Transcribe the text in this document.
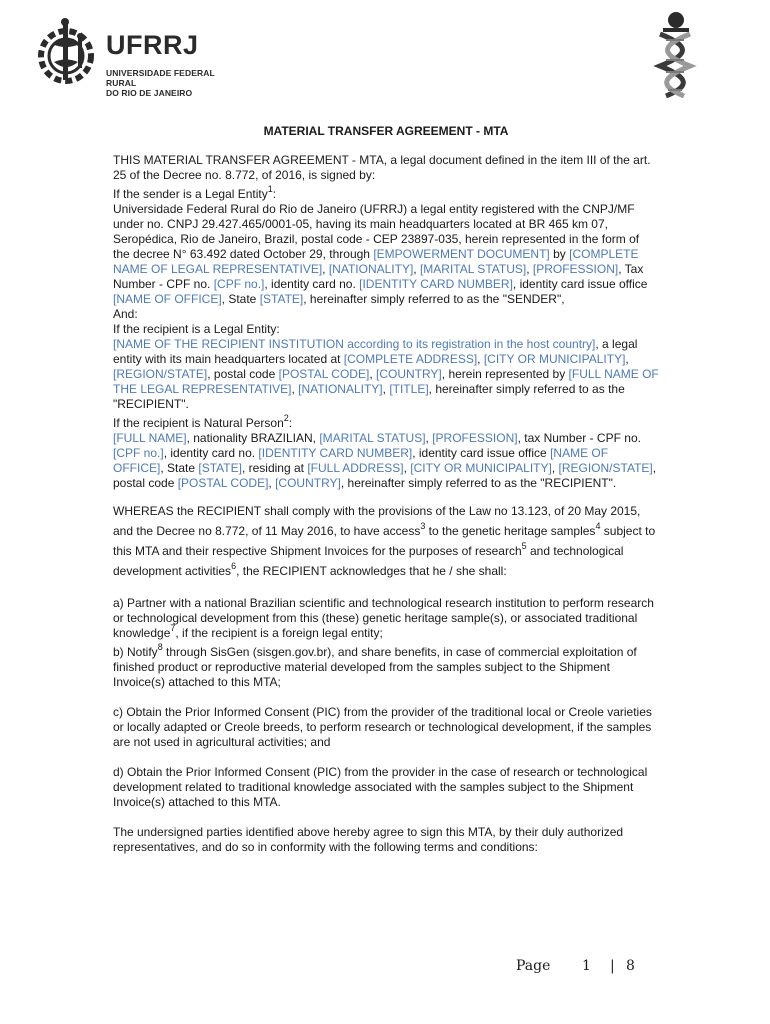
UFRRJ
UNIVERSIDADE FEDERAL RURAL
DO RIO DE JANEIRO
MATERIAL TRANSFER AGREEMENT - MTA

THIS MATERIAL TRANSFER AGREEMENT - MTA, a legal document defined in the item III of the art. 25 of the Decree no. 8.772, of 2016, is signed by:

If the sender is a Legal Entity$^1$:

Universidade Federal Rural do Rio de Janeiro (UFRRJ) a legal entity registered with the CNPJ/MF under no. CNPJ 29.427.465/0001-05, having its main headquarters located at BR 465 km 07, Seropédica, Rio de Janeiro, Brazil, postal code - CEP 23897-035, herein represented in the form of the decree N° 63.492 dated October 29, through [EMPOWERMENT DOCUMENT] by [COMPLETE NAME OF LEGAL REPRESENTATIVE], [NATIONALITY], [MARITAL STATUS], [PROFESSION], Tax Number - CPF no. [CPF no.], identity card no. [IDENTITY CARD NUMBER], identity card issue office [NAME OF OFFICE], State [STATE], hereinafter simply referred to as the "SENDER",

And:

If the recipient is a Legal Entity:

[NAME OF THE RECIPIENT INSTITUTION according to its registration in the host country], a legal entity with its main headquarters located at [COMPLETE ADDRESS], [CITY OR MUNICIPALITY], [REGION/STATE], postal code [POSTAL CODE], [COUNTRY], herein represented by [FULL NAME OF THE LEGAL REPRESENTATIVE], [NATIONALITY], [TITLE], hereinafter simply referred to as the "RECIPIENT".

If the recipient is Natural Person$^2$:

[FULL NAME], nationality BRAZILIAN, [MARITAL STATUS], [PROFESSION], tax Number - CPF no. [CPF no.], identity card no. [IDENTITY CARD NUMBER], identity card issue office [NAME OF OFFICE], State [STATE], residing at [FULL ADDRESS], [CITY OR MUNICIPALITY], [REGION/STATE], postal code [POSTAL CODE], [COUNTRY], hereinafter simply referred to as the "RECIPIENT".

WHEREAS the RECIPIENT shall comply with the provisions of the Law no 13.123, of 20 May 2015, and the Decree no 8.772, of 11 May 2016, to have access$^3$ to the genetic heritage samples$^4$ subject to this MTA and their respective Shipment Invoices for the purposes of research$^5$ and technological development activities$^6$, the RECIPIENT acknowledges that he / she shall:

a) Partner with a national Brazilian scientific and technological research institution to perform research or technological development from this (these) genetic heritage sample(s), or associated traditional knowledge$^7$, if the recipient is a foreign legal entity;

b) Notify$^8$ through SisGen (sisgen.gov.br), and share benefits, in case of commercial exploitation of finished product or reproductive material developed from the samples subject to the Shipment Invoice(s) attached to this MTA;

c) Obtain the Prior Informed Consent (PIC) from the provider of the traditional local or Creole varieties or locally adapted or Creole breeds, to perform research or technological development, if the samples are not used in agricultural activities; and

d) Obtain the Prior Informed Consent (PIC) from the provider in the case of research or technological development related to traditional knowledge associated with the samples subject to the Shipment Invoice(s) attached to this MTA.

The undersigned parties identified above hereby agree to sign this MTA, by their duly authorized representatives, and do so in conformity with the following terms and conditions:

Page 1 | 8
